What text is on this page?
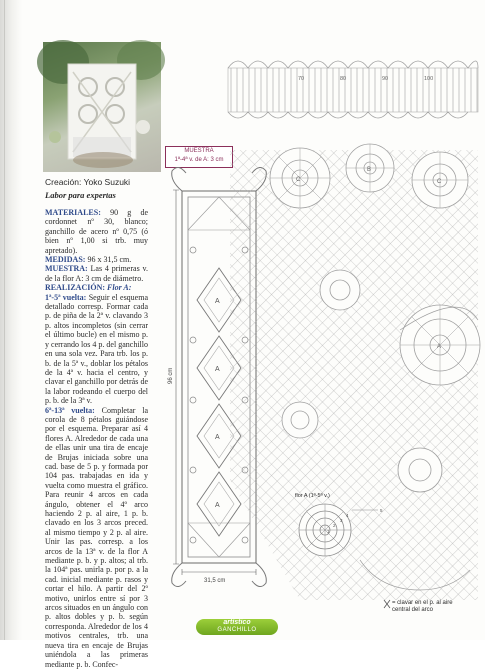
Creación: Yoko Suzuki
Labor para expertas

MATERIALES: 90 g de cordonnet nº 30, blanco; ganchillo de acero nº 0,75 (ó bien nº 1,00 si trb. muy apretado).

MEDIDAS: 96 x 31,5 cm.

MUESTRA: Las 4 primeras v. de la flor A: 3 cm de diámetro.

REALIZACIÓN: Flor A:

1ª-5ª vuelta: Seguir el esquema detallado corresp. Formar cada p. de piña de la 2ª v. clavando 3 p. altos incompletos (sin cerrar el último bucle) en el mismo p. y cerrando los 4 p. del ganchillo en una sola vez. Para trb. los p. b. de la 5ª v., doblar los pétalos de la 4ª v. hacia el centro, y clavar el ganchillo por detrás de la labor rodeando el cuerpo del p. b. de la 3ª v.

6ª-13ª vuelta: Completar la corola de 8 pétalos guiándose por el esquema. Preparar así 4 flores A. Alrededor de cada una de ellas unir una tira de encaje de Brujas iniciada sobre una cad. base de 5 p. y formada por 104 pas. trabajadas en ida y vuelta como muestra el gráfico. Para reunir 4 arcos en cada ángulo, obtener el 4º arco haciendo 2 p. al aire, 1 p. b. clavado en los 3 arcos preced. al mismo tiempo y 2 p. al aire. Unir las pas. corresp. a los arcos de la 13ª v. de la flor A mediante p. b. y p. altos; al trb. la 104ª pas. unirla p. por p. a la cad. inicial mediante p. rasos y cortar el hilo. A partir del 2º motivo, unirlos entre sí por 3 arcos situados en un ángulo con p. altos dobles y p. b. según corresponda. Alrededor de los 4 motivos centrales, trb. una nueva tira en encaje de Brujas uniéndola a las primeras mediante p. b. Confec-

MUESTRA
1ª-4ª v. de A: 3 cm
A
A
A
A
96 cm
31,5 cm
70	80	90	100
C
B
C
A
1
2
3
4
5
flor A (1ª-5ª v.)
= clavar en el p. al aire central del arco
artístico
GANCHILLO
